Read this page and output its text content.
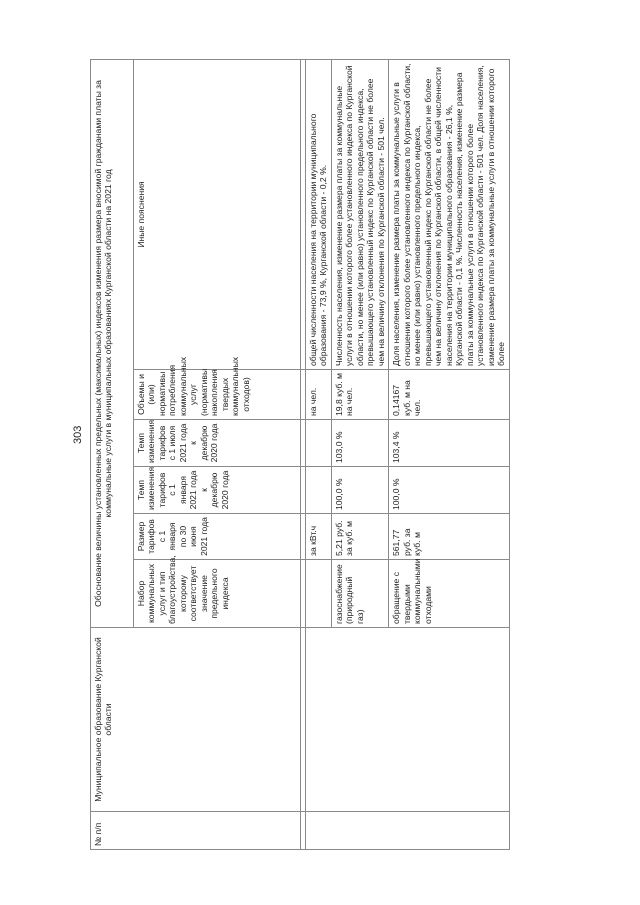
303
№ п/п	Муниципальное образование Курганской области	Обоснование величины установленных предельных (максимальных) индексов изменения размера вносимой гражданами платы за коммунальные услуги в муниципальных образованиях Курганской области на 2021 год					
		Набор коммунальных услуг и тип благоустройства, которому соответствует значение предельного индекса	Размер тарифов с 1 января по 30 июня 2021 года	Темп изменения тарифов с 1 января 2021 года к декабрю 2020 года	Темп изменения тарифов с 1 июля 2021 года к декабрю 2020 года	Объемы и (или) нормативы потребления коммунальных услуг (нормативы накопления твердых коммунальных отходов)	Иные пояснения

			за кВт.ч			на чел.	общей численности населения на территории муниципального образования - 73,9 %, Курганской области - 0,2 %.
		газоснабжение (природный газ)	5,21 руб. за куб. м	100,0 %	103,0 %	19,8 куб. м на чел.	Численность населения, изменение размера платы за коммунальные услуги в отношении которого более установленного индекса по Курганской области, но менее (или равно) установленного предельного индекса, превышающего установленный индекс по Курганской области не более чем на величину отклонения по Курганской области - 501 чел.
		обращение с твердыми коммунальными отходами	561,77 руб. за куб. м	100,0 %	103,4 %	0,14167 куб. м на чел.	Доля населения, изменение размера платы за коммунальные услуги в отношении которого более установленного индекса по Курганской области, но менее (или равно) установленного предельного индекса, превышающего установленный индекс по Курганской области не более чем на величину отклонения по Курганской области, в общей численности населения на территории муниципального образования - 26,1 %, Курганской области - 0,1 %. Численность населения, изменение размера платы за коммунальные услуги в отношении которого более установленного индекса по Курганской области - 501 чел. Доля населения, изменение размера платы за коммунальные услуги в отношении которого более
